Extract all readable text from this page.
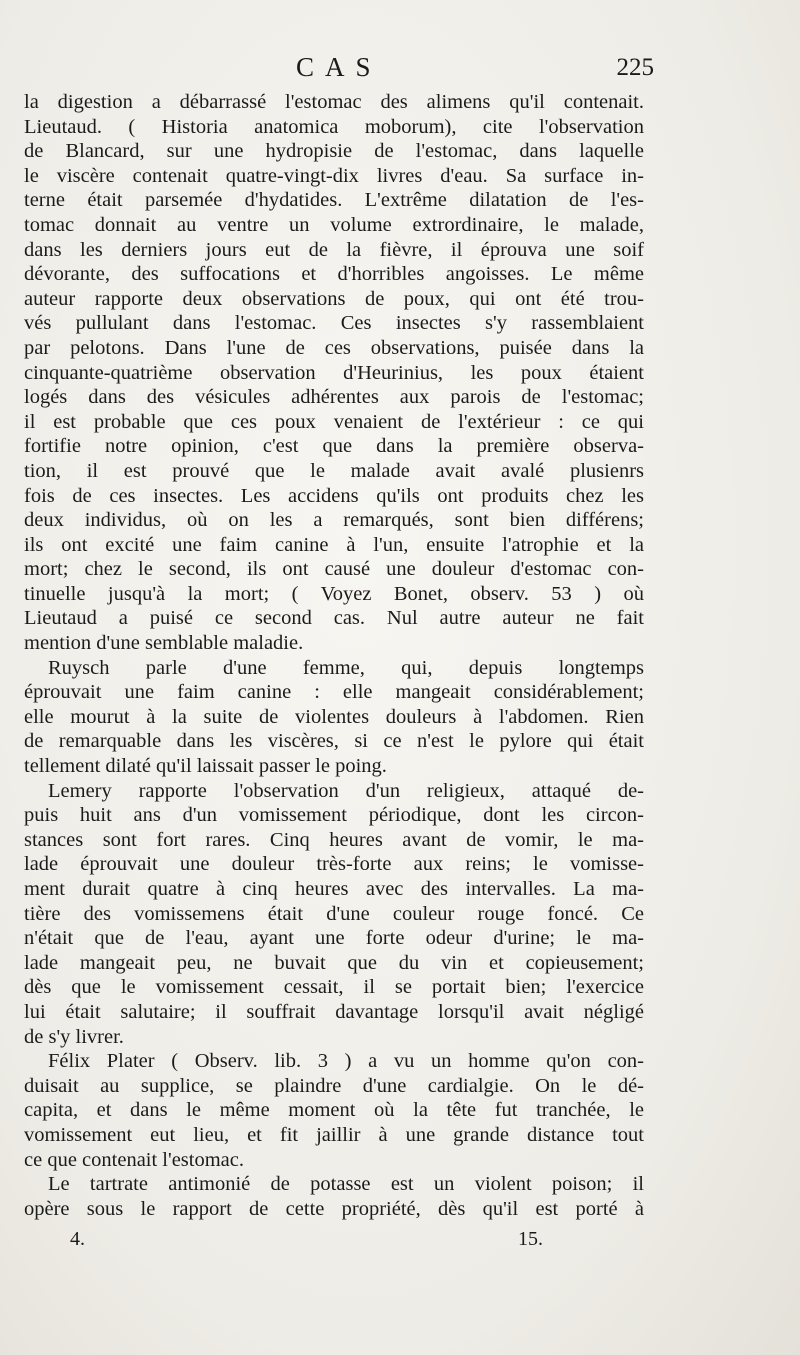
CAS	225
la digestion a débarrassé l'estomac des alimens qu'il contenait.
Lieutaud. ( Historia anatomica moborum), cite l'observation
de Blancard, sur une hydropisie de l'estomac, dans laquelle
le viscère contenait quatre-vingt-dix livres d'eau. Sa surface in-
terne était parsemée d'hydatides. L'extrême dilatation de l'es-
tomac donnait au ventre un volume extrordinaire, le malade,
dans les derniers jours eut de la fièvre, il éprouva une soif
dévorante, des suffocations et d'horribles angoisses. Le même
auteur rapporte deux observations de poux, qui ont été trou-
vés pullulant dans l'estomac. Ces insectes s'y rassemblaient
par pelotons. Dans l'une de ces observations, puisée dans la
cinquante-quatrième observation d'Heurinius, les poux étaient
logés dans des vésicules adhérentes aux parois de l'estomac;
il est probable que ces poux venaient de l'extérieur : ce qui
fortifie notre opinion, c'est que dans la première observa-
tion, il est prouvé que le malade avait avalé plusienrs
fois de ces insectes. Les accidens qu'ils ont produits chez les
deux individus, où on les a remarqués, sont bien différens;
ils ont excité une faim canine à l'un, ensuite l'atrophie et la
mort; chez le second, ils ont causé une douleur d'estomac con-
tinuelle jusqu'à la mort; ( Voyez Bonet, observ. 53 ) où
Lieutaud a puisé ce second cas. Nul autre auteur ne fait
mention d'une semblable maladie.
Ruysch parle d'une femme, qui, depuis longtemps
éprouvait une faim canine : elle mangeait considérablement;
elle mourut à la suite de violentes douleurs à l'abdomen. Rien
de remarquable dans les viscères, si ce n'est le pylore qui était
tellement dilaté qu'il laissait passer le poing.
Lemery rapporte l'observation d'un religieux, attaqué de-
puis huit ans d'un vomissement périodique, dont les circon-
stances sont fort rares. Cinq heures avant de vomir, le ma-
lade éprouvait une douleur très-forte aux reins; le vomisse-
ment durait quatre à cinq heures avec des intervalles. La ma-
tière des vomissemens était d'une couleur rouge foncé. Ce
n'était que de l'eau, ayant une forte odeur d'urine; le ma-
lade mangeait peu, ne buvait que du vin et copieusement;
dès que le vomissement cessait, il se portait bien; l'exercice
lui était salutaire; il souffrait davantage lorsqu'il avait négligé
de s'y livrer.
Félix Plater ( Observ. lib. 3 ) a vu un homme qu'on con-
duisait au supplice, se plaindre d'une cardialgie. On le dé-
capita, et dans le même moment où la tête fut tranchée, le
vomissement eut lieu, et fit jaillir à une grande distance tout
ce que contenait l'estomac.
Le tartrate antimonié de potasse est un violent poison; il
opère sous le rapport de cette propriété, dès qu'il est porté à
4.	15.
